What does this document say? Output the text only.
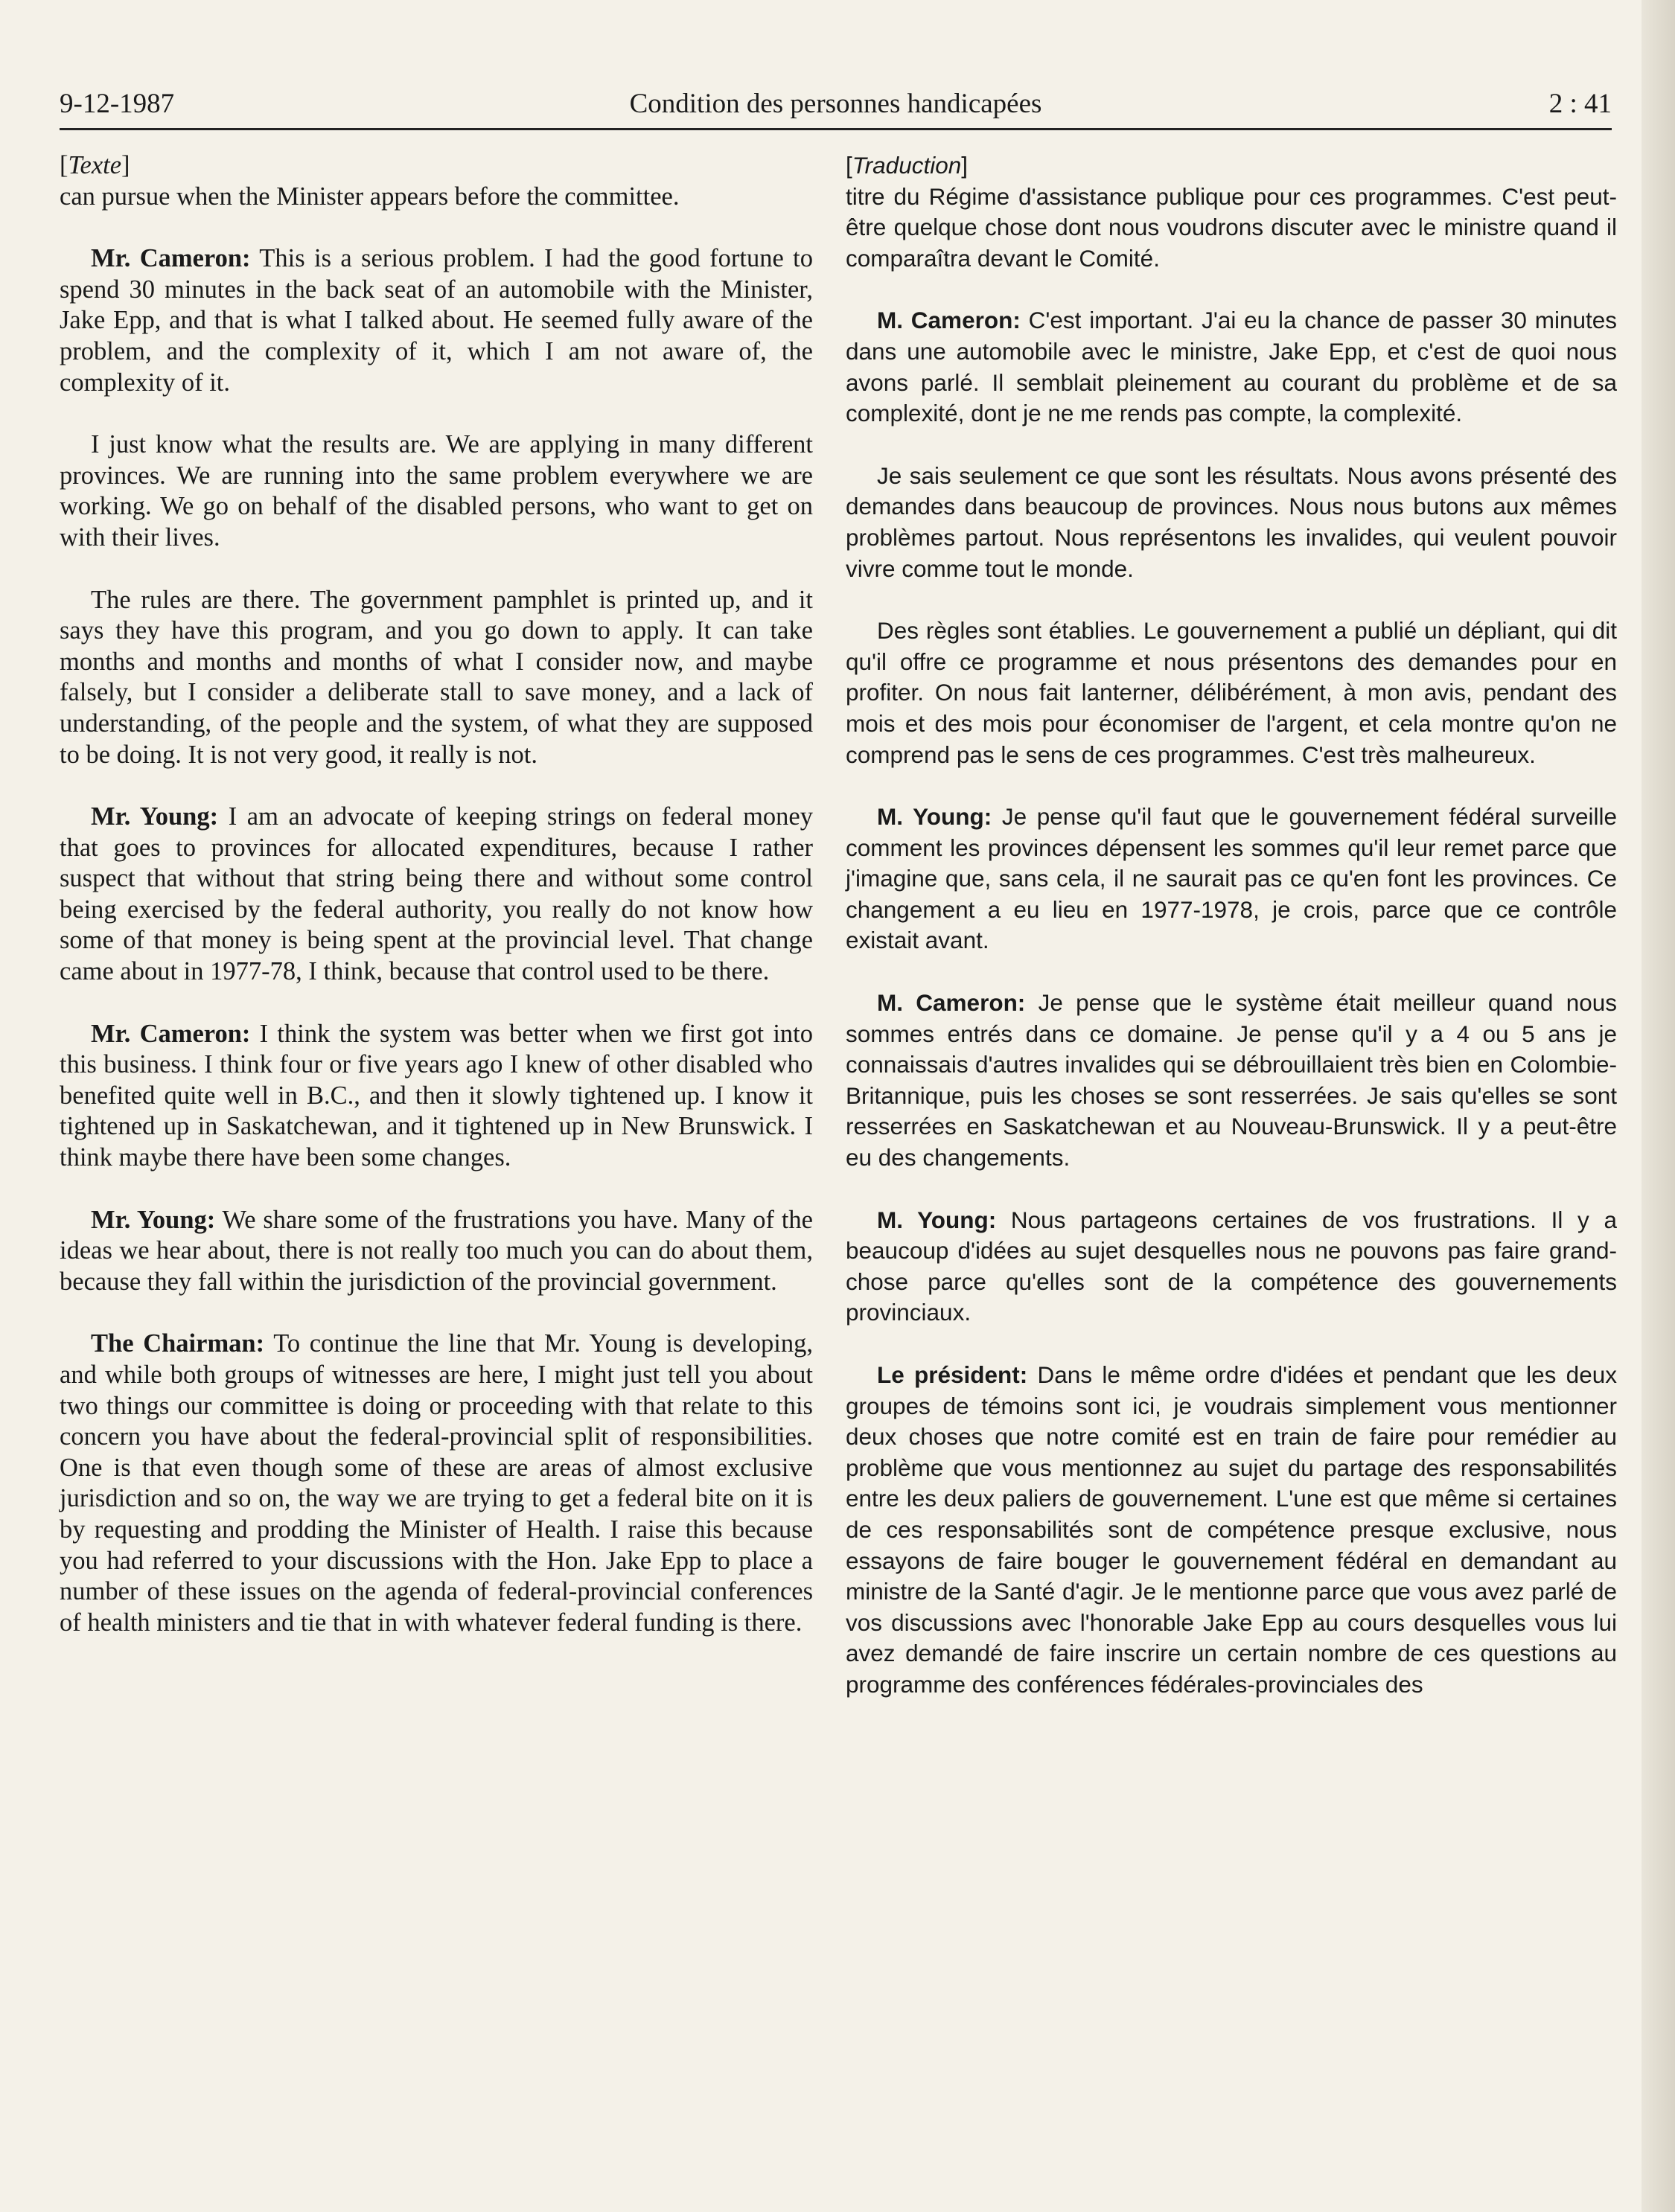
9-12-1987	Condition des personnes handicapées	2 : 41
[Texte]

can pursue when the Minister appears before the committee.

Mr. Cameron: This is a serious problem. I had the good fortune to spend 30 minutes in the back seat of an automobile with the Minister, Jake Epp, and that is what I talked about. He seemed fully aware of the problem, and the complexity of it, which I am not aware of, the complexity of it.

I just know what the results are. We are applying in many different provinces. We are running into the same problem everywhere we are working. We go on behalf of the disabled persons, who want to get on with their lives.

The rules are there. The government pamphlet is printed up, and it says they have this program, and you go down to apply. It can take months and months and months of what I consider now, and maybe falsely, but I consider a deliberate stall to save money, and a lack of understanding, of the people and the system, of what they are supposed to be doing. It is not very good, it really is not.

Mr. Young: I am an advocate of keeping strings on federal money that goes to provinces for allocated expenditures, because I rather suspect that without that string being there and without some control being exercised by the federal authority, you really do not know how some of that money is being spent at the provincial level. That change came about in 1977-78, I think, because that control used to be there.

Mr. Cameron: I think the system was better when we first got into this business. I think four or five years ago I knew of other disabled who benefited quite well in B.C., and then it slowly tightened up. I know it tightened up in Saskatchewan, and it tightened up in New Brunswick. I think maybe there have been some changes.

Mr. Young: We share some of the frustrations you have. Many of the ideas we hear about, there is not really too much you can do about them, because they fall within the jurisdiction of the provincial government.

The Chairman: To continue the line that Mr. Young is developing, and while both groups of witnesses are here, I might just tell you about two things our committee is doing or proceeding with that relate to this concern you have about the federal-provincial split of responsibilities. One is that even though some of these are areas of almost exclusive jurisdiction and so on, the way we are trying to get a federal bite on it is by requesting and prodding the Minister of Health. I raise this because you had referred to your discussions with the Hon. Jake Epp to place a number of these issues on the agenda of federal-provincial conferences of health ministers and tie that in with whatever federal funding is there.

[Traduction]

titre du Régime d'assistance publique pour ces programmes. C'est peut-être quelque chose dont nous voudrons discuter avec le ministre quand il comparaîtra devant le Comité.

M. Cameron: C'est important. J'ai eu la chance de passer 30 minutes dans une automobile avec le ministre, Jake Epp, et c'est de quoi nous avons parlé. Il semblait pleinement au courant du problème et de sa complexité, dont je ne me rends pas compte, la complexité.

Je sais seulement ce que sont les résultats. Nous avons présenté des demandes dans beaucoup de provinces. Nous nous butons aux mêmes problèmes partout. Nous représentons les invalides, qui veulent pouvoir vivre comme tout le monde.

Des règles sont établies. Le gouvernement a publié un dépliant, qui dit qu'il offre ce programme et nous présentons des demandes pour en profiter. On nous fait lanterner, délibérément, à mon avis, pendant des mois et des mois pour économiser de l'argent, et cela montre qu'on ne comprend pas le sens de ces programmes. C'est très malheureux.

M. Young: Je pense qu'il faut que le gouvernement fédéral surveille comment les provinces dépensent les sommes qu'il leur remet parce que j'imagine que, sans cela, il ne saurait pas ce qu'en font les provinces. Ce changement a eu lieu en 1977-1978, je crois, parce que ce contrôle existait avant.

M. Cameron: Je pense que le système était meilleur quand nous sommes entrés dans ce domaine. Je pense qu'il y a 4 ou 5 ans je connaissais d'autres invalides qui se débrouillaient très bien en Colombie-Britannique, puis les choses se sont resserrées. Je sais qu'elles se sont resserrées en Saskatchewan et au Nouveau-Brunswick. Il y a peut-être eu des changements.

M. Young: Nous partageons certaines de vos frustrations. Il y a beaucoup d'idées au sujet desquelles nous ne pouvons pas faire grand-chose parce qu'elles sont de la compétence des gouvernements provinciaux.

Le président: Dans le même ordre d'idées et pendant que les deux groupes de témoins sont ici, je voudrais simplement vous mentionner deux choses que notre comité est en train de faire pour remédier au problème que vous mentionnez au sujet du partage des responsabilités entre les deux paliers de gouvernement. L'une est que même si certaines de ces responsabilités sont de compétence presque exclusive, nous essayons de faire bouger le gouvernement fédéral en demandant au ministre de la Santé d'agir. Je le mentionne parce que vous avez parlé de vos discussions avec l'honorable Jake Epp au cours desquelles vous lui avez demandé de faire inscrire un certain nombre de ces questions au programme des conférences fédérales-provinciales des
